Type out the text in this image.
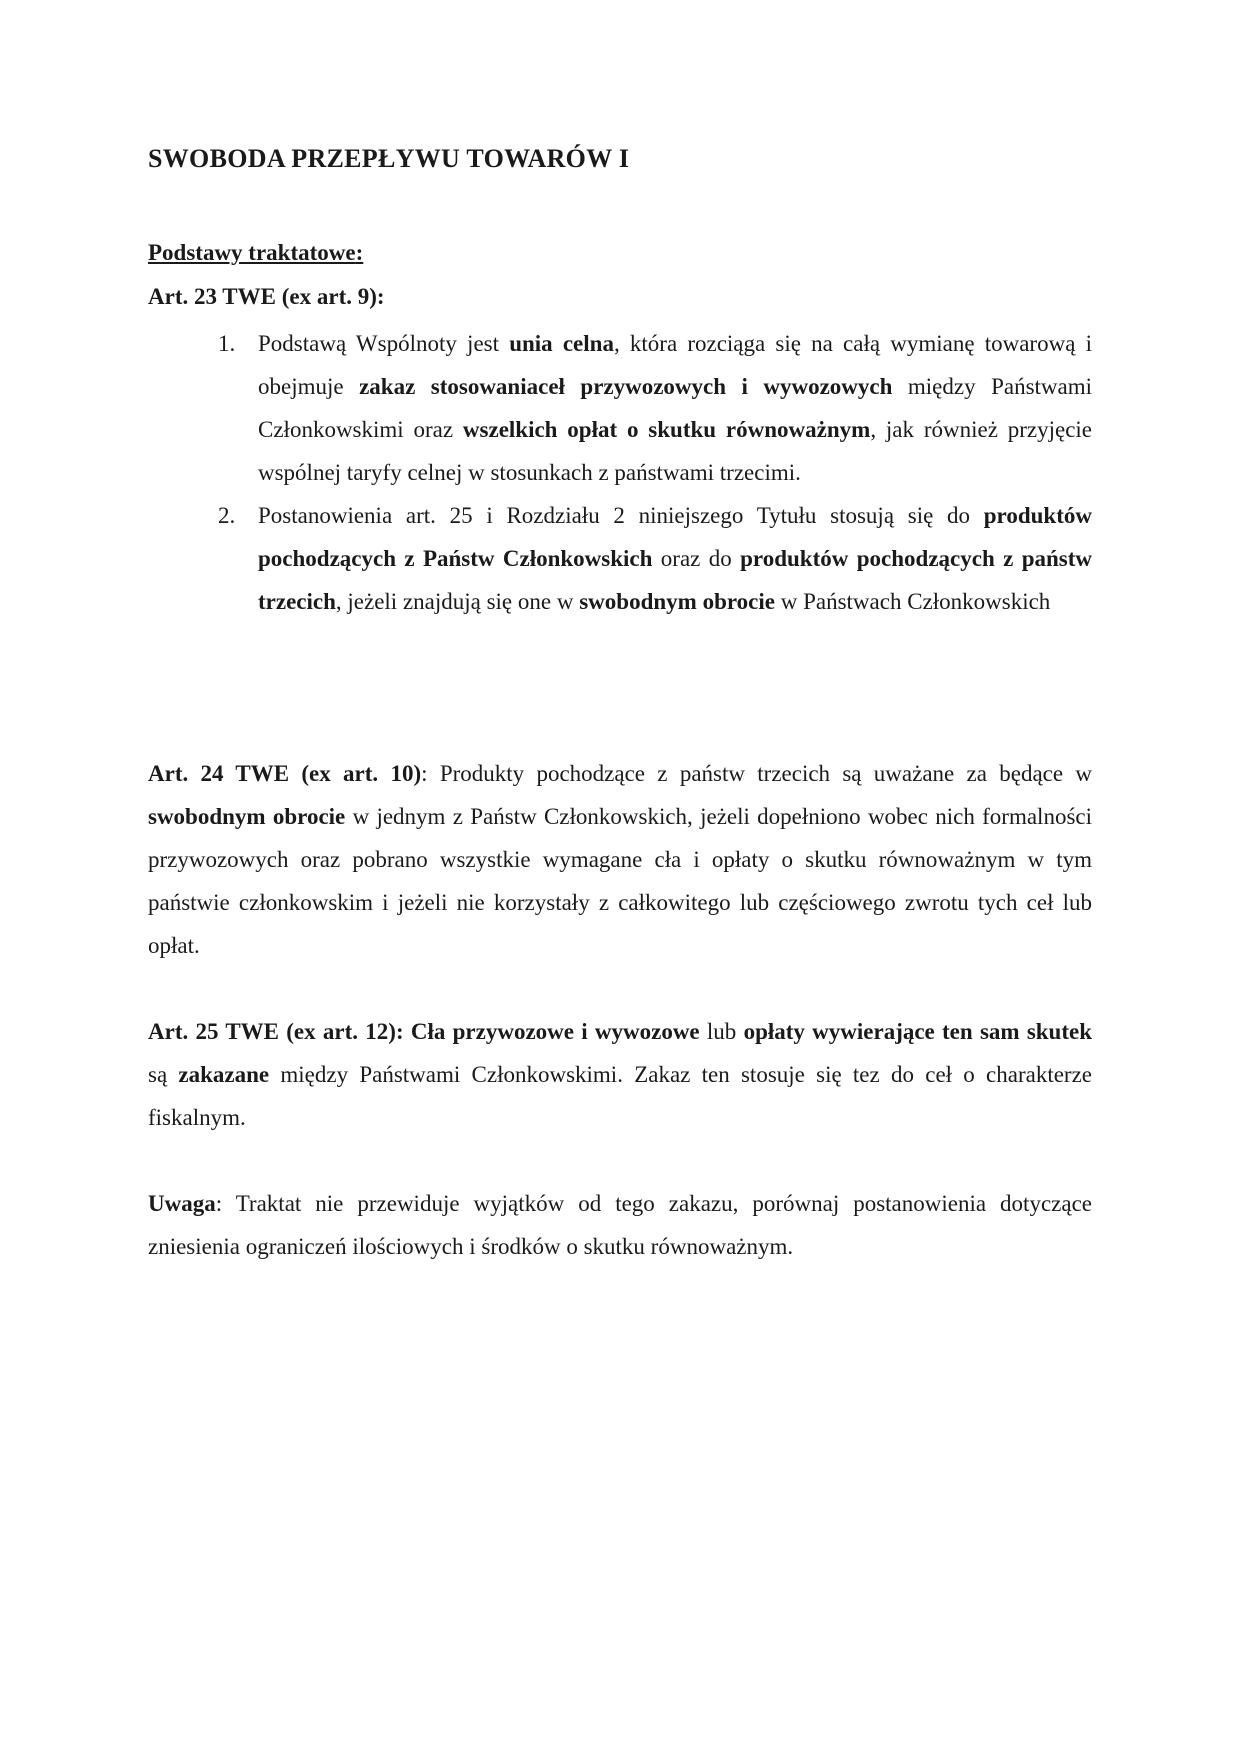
SWOBODA PRZEPŁYWU TOWARÓW I

Podstawy traktatowe:

Art. 23 TWE (ex art. 9):

1. Podstawą Wspólnoty jest unia celna, która rozciąga się na całą wymianę towarową i obejmuje zakaz stosowaniaceł przywozowych i wywozowych między Państwami Członkowskimi oraz wszelkich opłat o skutku równoważnym, jak również przyjęcie wspólnej taryfy celnej w stosunkach z państwami trzecimi.
2. Postanowienia art. 25 i Rozdziału 2 niniejszego Tytułu stosują się do produktów pochodzących z Państw Członkowskich oraz do produktów pochodzących z państw trzecich, jeżeli znajdują się one w swobodnym obrocie w Państwach Członkowskich

Art. 24 TWE (ex art. 10): Produkty pochodzące z państw trzecich są uważane za będące w swobodnym obrocie w jednym z Państw Członkowskich, jeżeli dopełniono wobec nich formalności przywozowych oraz pobrano wszystkie wymagane cła i opłaty o skutku równoważnym w tym państwie członkowskim i jeżeli nie korzystały z całkowitego lub częściowego zwrotu tych ceł lub opłat.

Art. 25 TWE (ex art. 12): Cła przywozowe i wywozowe lub opłaty wywierające ten sam skutek są zakazane między Państwami Członkowskimi. Zakaz ten stosuje się tez do ceł o charakterze fiskalnym.

Uwaga: Traktat nie przewiduje wyjątków od tego zakazu, porównaj postanowienia dotyczące zniesienia ograniczeń ilościowych i środków o skutku równoważnym.
